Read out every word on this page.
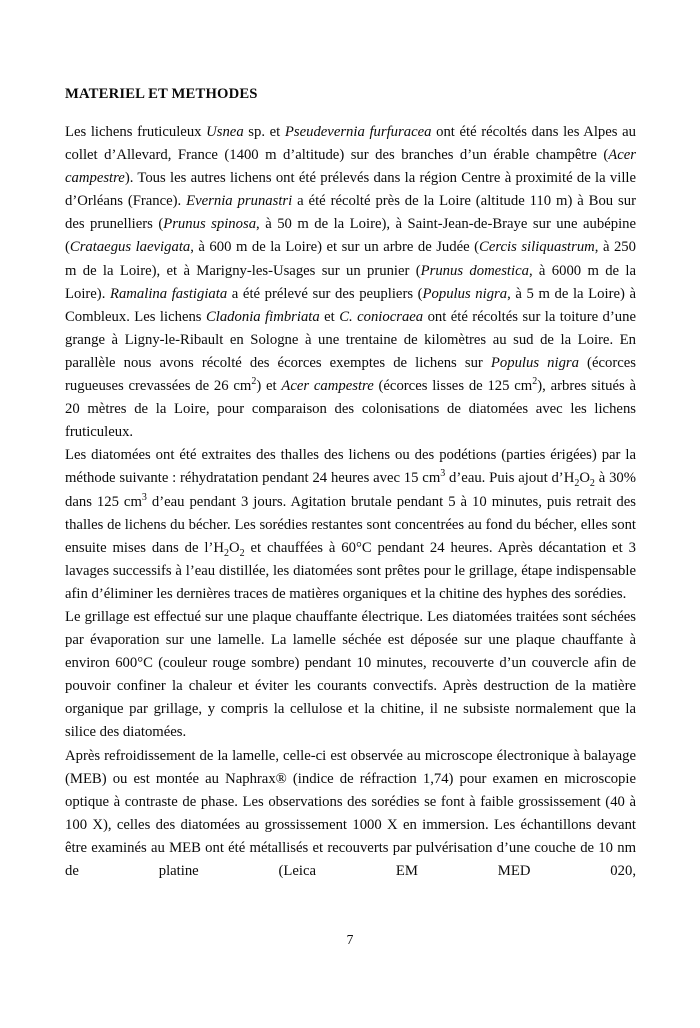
MATERIEL ET METHODES

Les lichens fruticuleux Usnea sp. et Pseudevernia furfuracea ont été récoltés dans les Alpes au collet d’Allevard, France (1400 m d’altitude) sur des branches d’un érable champêtre (Acer campestre). Tous les autres lichens ont été prélevés dans la région Centre à proximité de la ville d’Orléans (France). Evernia prunastri a été récolté près de la Loire (altitude 110 m) à Bou sur des prunelliers (Prunus spinosa, à 50 m de la Loire), à Saint-Jean-de-Braye sur une aubépine (Crataegus laevigata, à 600 m de la Loire) et sur un arbre de Judée (Cercis siliquastrum, à 250 m de la Loire), et à Marigny-les-Usages sur un prunier (Prunus domestica, à 6000 m de la Loire). Ramalina fastigiata a été prélevé sur des peupliers (Populus nigra, à 5 m de la Loire) à Combleux. Les lichens Cladonia fimbriata et C. coniocraea ont été récoltés sur la toiture d’une grange à Ligny-le-Ribault en Sologne à une trentaine de kilomètres au sud de la Loire. En parallèle nous avons récolté des écorces exemptes de lichens sur Populus nigra (écorces rugueuses crevassées de 26 $cm^2$) et Acer campestre (écorces lisses de 125 $cm^2$), arbres situés à 20 mètres de la Loire, pour comparaison des colonisations de diatomées avec les lichens fruticuleux.

Les diatomées ont été extraites des thalles des lichens ou des podétions (parties érigées) par la méthode suivante : réhydratation pendant 24 heures avec 15 $cm^3$ d’eau. Puis ajout $d’H_2O_2$ à 30% dans 125 $cm^3$ d’eau pendant 3 jours. Agitation brutale pendant 5 à 10 minutes, puis retrait des thalles de lichens du bécher. Les sorédies restantes sont concentrées au fond du bécher, elles sont ensuite mises dans de $l’H_2O_2$ et chauffées à 60°C pendant 24 heures. Après décantation et 3 lavages successifs à l’eau distillée, les diatomées sont prêtes pour le grillage, étape indispensable afin d’éliminer les dernières traces de matières organiques et la chitine des hyphes des sorédies.

Le grillage est effectué sur une plaque chauffante électrique. Les diatomées traitées sont séchées par évaporation sur une lamelle. La lamelle séchée est déposée sur une plaque chauffante à environ 600°C (couleur rouge sombre) pendant 10 minutes, recouverte d’un couvercle afin de pouvoir confiner la chaleur et éviter les courants convectifs. Après destruction de la matière organique par grillage, y compris la cellulose et la chitine, il ne subsiste normalement que la silice des diatomées.

Après refroidissement de la lamelle, celle-ci est observée au microscope électronique à balayage (MEB) ou est montée au Naphrax® (indice de réfraction 1,74) pour examen en microscopie optique à contraste de phase. Les observations des sorédies se font à faible grossissement (40 à 100 X), celles des diatomées au grossissement 1000 X en immersion. Les échantillons devant être examinés au MEB ont été métallisés et recouverts par pulvérisation d’une couche de 10 nm de platine (Leica EM MED 020,

7
